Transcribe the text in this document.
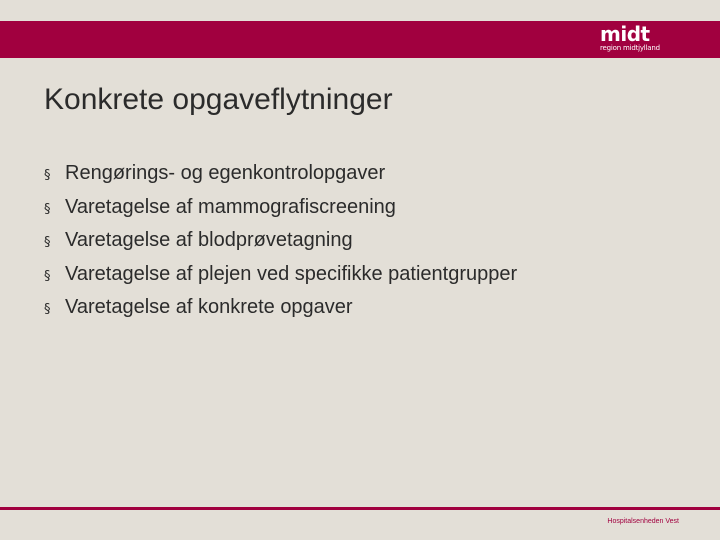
midt
region midtjylland
Konkrete opgaveflytninger
§ Rengørings- og egenkontrolopgaver
§ Varetagelse af mammografiscreening
§ Varetagelse af blodprøvetagning
§ Varetagelse af plejen ved specifikke patientgrupper
§ Varetagelse af konkrete opgaver
Hospitalsenheden Vest
